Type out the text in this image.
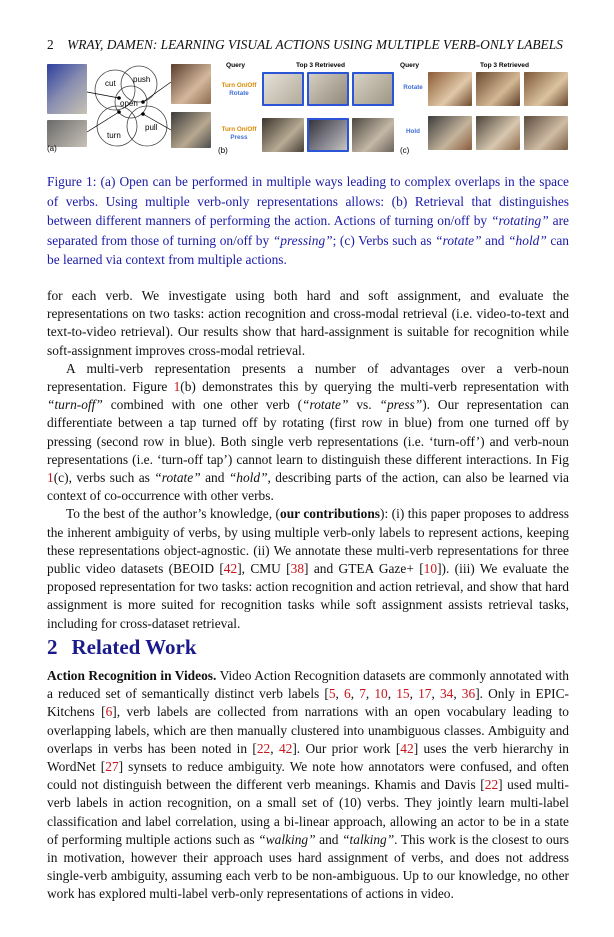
2 WRAY, DAMEN: LEARNING VISUAL ACTIONS USING MULTIPLE VERB-ONLY LABELS
cut push
open
turn
pull
(a)
Query	Top 3 Retrieved
Turn On/Off
Rotate
Turn On/Off
Press
(b)
Query	Top 3 Retrieved
Rotate
Hold
(c)
Figure 1: (a) Open can be performed in multiple ways leading to complex overlaps in the space of verbs. Using multiple verb-only representations allows: (b) Retrieval that distinguishes between different manners of performing the action. Actions of turning on/off by “rotating” are separated from those of turning on/off by “pressing”; (c) Verbs such as “rotate” and “hold” can be learned via context from multiple actions.

for each verb. We investigate using both hard and soft assignment, and evaluate the representations on two tasks: action recognition and cross-modal retrieval (i.e. video-to-text and text-to-video retrieval). Our results show that hard-assignment is suitable for recognition while soft-assignment improves cross-modal retrieval.

A multi-verb representation presents a number of advantages over a verb-noun representation. Figure 1(b) demonstrates this by querying the multi-verb representation with “turn-off” combined with one other verb (“rotate” vs. “press”). Our representation can differentiate between a tap turned off by rotating (first row in blue) from one turned off by pressing (second row in blue). Both single verb representations (i.e. ‘turn-off’) and verb-noun representations (i.e. ‘turn-off tap’) cannot learn to distinguish these different interactions. In Fig 1(c), verbs such as “rotate” and “hold”, describing parts of the action, can also be learned via context of co-occurrence with other verbs.

To the best of the author’s knowledge, (our contributions): (i) this paper proposes to address the inherent ambiguity of verbs, by using multiple verb-only labels to represent actions, keeping these representations object-agnostic. (ii) We annotate these multi-verb representations for three public video datasets (BEOID [42], CMU [38] and GTEA Gaze+ [10]). (iii) We evaluate the proposed representation for two tasks: action recognition and action retrieval, and show that hard assignment is more suited for recognition tasks while soft assignment assists retrieval tasks, including for cross-dataset retrieval.

2 Related Work

Action Recognition in Videos. Video Action Recognition datasets are commonly annotated with a reduced set of semantically distinct verb labels [5, 6, 7, 10, 15, 17, 34, 36]. Only in EPIC-Kitchens [6], verb labels are collected from narrations with an open vocabulary leading to overlapping labels, which are then manually clustered into unambiguous classes. Ambiguity and overlaps in verbs has been noted in [22, 42]. Our prior work [42] uses the verb hierarchy in WordNet [27] synsets to reduce ambiguity. We note how annotators were confused, and often could not distinguish between the different verb meanings. Khamis and Davis [22] used multi-verb labels in action recognition, on a small set of (10) verbs. They jointly learn multi-label classification and label correlation, using a bi-linear approach, allowing an actor to be in a state of performing multiple actions such as “walking” and “talking”. This work is the closest to ours in motivation, however their approach uses hard assignment of verbs, and does not address single-verb ambiguity, assuming each verb to be non-ambiguous. Up to our knowledge, no other work has explored multi-label verb-only representations of actions in video.
